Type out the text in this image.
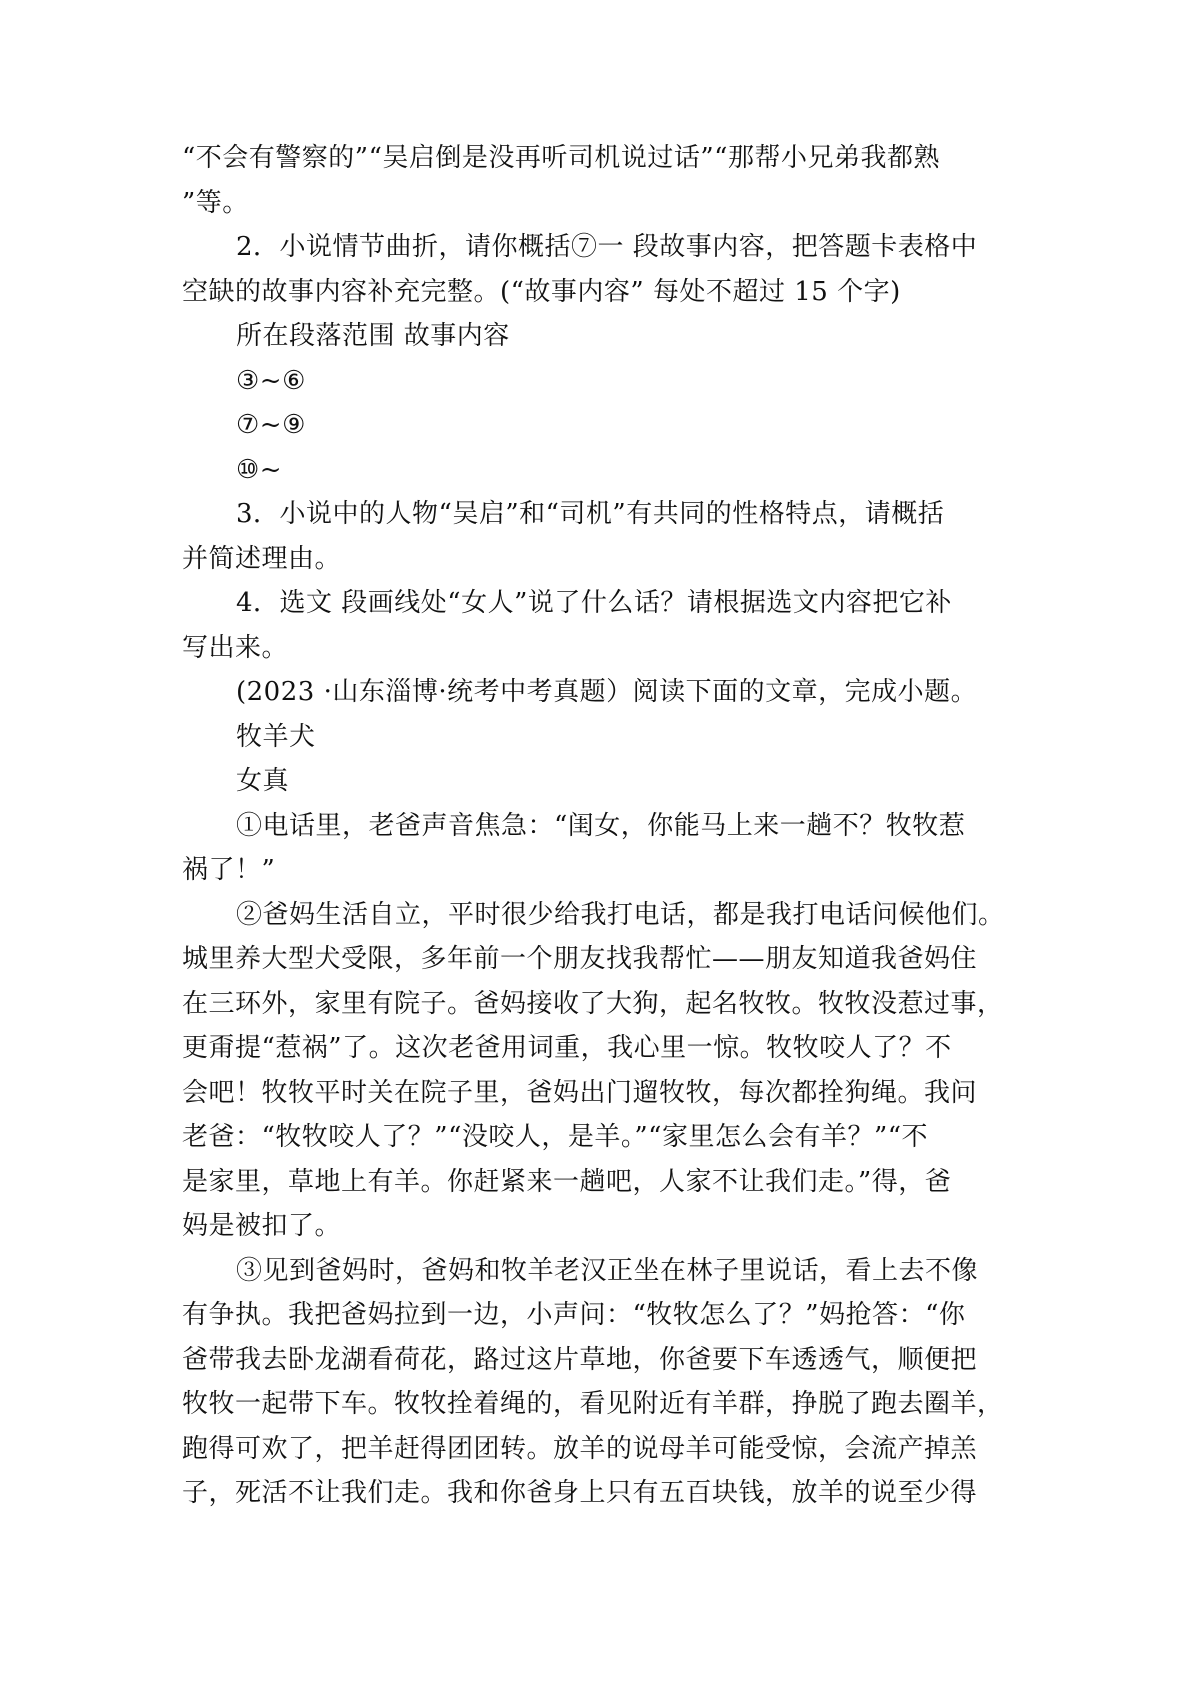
“不会有警察的”“吴启倒是没再听司机说过话”“那帮小兄弟我都熟
”等。
2．小说情节曲折，请你概括⑦一 段故事内容，把答题卡表格中
空缺的故事内容补充完整。(“故事内容” 每处不超过 15 个字)
所在段落范围 故事内容
③~⑥
⑦~⑨
⑩~
3．小说中的人物“吴启”和“司机”有共同的性格特点，请概括
并简述理由。
4．选文 段画线处“女人”说了什么话？请根据选文内容把它补
写出来。
(2023 ·山东淄博·统考中考真题）阅读下面的文章，完成小题。
牧羊犬
女真
①电话里，老爸声音焦急：“闺女，你能马上来一趟不？牧牧惹
祸了！”
②爸妈生活自立，平时很少给我打电话，都是我打电话问候他们。
城里养大型犬受限，多年前一个朋友找我帮忙——朋友知道我爸妈住
在三环外，家里有院子。爸妈接收了大狗，起名牧牧。牧牧没惹过事，
更甭提“惹祸”了。这次老爸用词重，我心里一惊。牧牧咬人了？不
会吧！牧牧平时关在院子里，爸妈出门遛牧牧，每次都拴狗绳。我问
老爸：“牧牧咬人了？”“没咬人，是羊。”“家里怎么会有羊？”“不
是家里，草地上有羊。你赶紧来一趟吧，人家不让我们走。”得，爸
妈是被扣了。
③见到爸妈时，爸妈和牧羊老汉正坐在林子里说话，看上去不像
有争执。我把爸妈拉到一边，小声问：“牧牧怎么了？”妈抢答：“你
爸带我去卧龙湖看荷花，路过这片草地，你爸要下车透透气，顺便把
牧牧一起带下车。牧牧拴着绳的，看见附近有羊群，挣脱了跑去圈羊，
跑得可欢了，把羊赶得团团转。放羊的说母羊可能受惊，会流产掉羔
子，死活不让我们走。我和你爸身上只有五百块钱，放羊的说至少得
